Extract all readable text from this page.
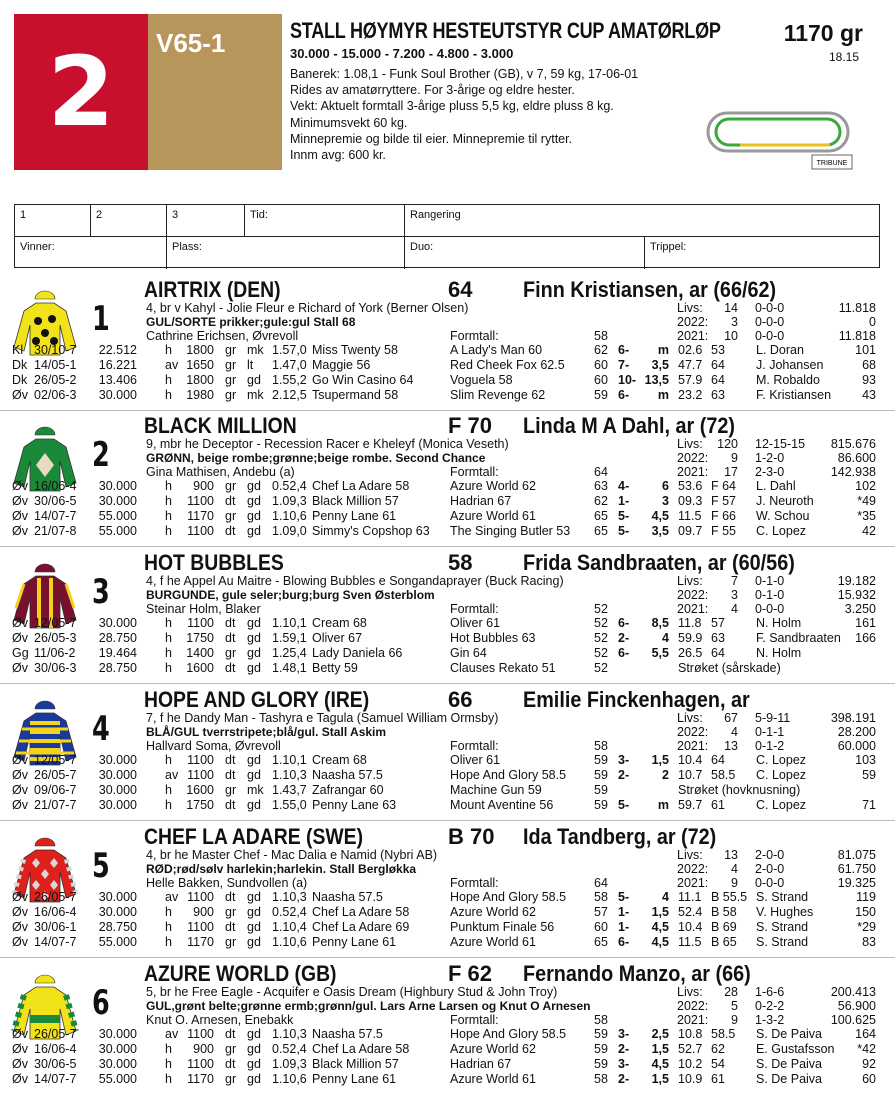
2	V65-1	STALL HØYMYR HESTEUTSTYR CUP AMATØRLØP	1170 gr
18.15
30.000 - 15.000 - 7.200 - 4.800 - 3.000
Banerek: 1.08,1 - Funk Soul Brother (GB), v 7, 59 kg, 17-06-01
Rides av amatørryttere. For 3-årige og eldre hester.
Vekt: Aktuelt formtall 3-årige pluss 5,5 kg, eldre pluss 8 kg.
Minimumsvekt 60 kg.
Minnepremie og bilde til eier. Minnepremie til rytter.
Innm avg: 600 kr.
TRIBUNE
1	2	3	Tid:	Rangering
Vinner:	Plass:	Duo:	Trippel:
1
AIRTRIX (DEN)	64 Finn Kristiansen, ar (66/62)
4, br v Kahyl - Jolie Fleur e Richard of York (Berner Olsen)
GUL/SORTE prikker;gule:gul Stall 68
Cathrine Erichsen, Øvrevoll	Formtall:	58
Livs:	14 0-0-0	11.818
2022:	3 0-0-0	0
2021:	10 0-0-0	11.818
Kl 30/10-7	22.512 h	1800 gr mk 1.57,0 Miss Twenty 58	A Lady's Man 60	62 6-	m 02.6 53 L. Doran	101
Dk 14/05-1	16.221 av 1650 gr lt 1.47,0 Maggie 56	Red Cheek Fox 62.5 60 7-	3,5 47.7 64 J. Johansen	68
Dk 26/05-2	13.406 h	1800 gr gd 1.55,2 Go Win Casino 64	Voguela 58	60 10- 13,5 57.9 64 M. Robaldo	93
Øv 02/06-3	30.000 h	1980 gr mk 2.12,5 Tsupermand 58	Slim Revenge 62	59 6-	m 23.2 63 F. Kristiansen 43
2
BLACK MILLION	F 70 Linda M A Dahl, ar (72)
9, mbr he Deceptor - Recession Racer e Kheleyf (Monica Veseth)
GRØNN, beige rombe;grønne;beige rombe. Second Chance
Gina Mathisen, Andebu (a)	Formtall:	64
Livs:	120 12-15-15	815.676
2022:	9 1-2-0	86.600
2021:	17 2-3-0	142.938
Øv 16/06-4	30.000 h	900 gr gd 0.52,4 Chef La Adare 58	Azure World 62	63 4-	6 53.6 F 64 L. Dahl	102
Øv 30/06-5	30.000 h	1100 dt gd 1.09,3 Black Million 57	Hadrian 67	62 1-	3 09.3 F 57 J. Neuroth	*49
Øv 14/07-7	55.000 h	1170 gr gd 1.10,6 Penny Lane 61	Azure World 61	65 5-	4,5 11.5 F 66 W. Schou	*35
Øv 21/07-8	55.000 h	1100 dt gd 1.09,0 Simmy's Copshop 63 The Singing Butler 53 65 5-	3,5 09.7 F 55 C. Lopez	42
3
HOT BUBBLES	58 Frida Sandbraaten, ar (60/56)
4, f he Appel Au Maitre - Blowing Bubbles e Songandaprayer (Buck Racing)
BURGUNDE, gule seler;burg;burg Sven Østerblom
Steinar Holm, Blaker	Formtall:	52
Livs:	7 0-1-0	19.182
2022:	3 0-1-0	15.932
2021:	4 0-0-0	3.250
Øv 12/05-7	30.000 h	1100 dt gd 1.10,1 Cream 68	Oliver 61	52 6-	8,5 11.8 57 N. Holm	161
Øv 26/05-3	28.750 h	1750 dt gd 1.59,1 Oliver 67	Hot Bubbles 63	52 2-	4 59.9 63 F. Sandbraaten 166
Gg 11/06-2	19.464 h	1400 gr gd 1.25,4 Lady Daniela 66	Gin 64	52 6-	5,5 26.5 64 N. Holm
Øv 30/06-3	28.750 h	1600 dt gd 1.48,1 Betty 59	Clauses Rekato 51	52	Strøket (sårskade)
4
HOPE AND GLORY (IRE)	66 Emilie Finckenhagen, ar
7, f he Dandy Man - Tashyra e Tagula (Samuel William Ormsby)
BLÅ/GUL tverrstripete;blå/gul. Stall Askim
Hallvard Soma, Øvrevoll	Formtall:	58
Livs:	67 5-9-11	398.191
2022:	4 0-1-1	28.200
2021:	13 0-1-2	60.000
Øv 12/05-7	30.000 h	1100 dt gd 1.10,1 Cream 68	Oliver 61	59 3-	1,5 10.4 64 C. Lopez	103
Øv 26/05-7	30.000 av 1100 dt gd 1.10,3 Naasha 57.5	Hope And Glory 58.5 59 2-	2 10.7 58.5 C. Lopez	59
Øv 09/06-7	30.000 h	1600 gr mk 1.43,7 Zafrangar 60	Machine Gun 59	59	Strøket (hovknusning)
Øv 21/07-7	30.000 h	1750 dt gd 1.55,0 Penny Lane 63	Mount Aventine 56	59 5-	m 59.7 61 C. Lopez	71
5
CHEF LA ADARE (SWE)	B 70 Ida Tandberg, ar (72)
4, br he Master Chef - Mac Dalia e Namid (Nybri AB)
RØD;rød/sølv harlekin;harlekin. Stall Bergløkka
Helle Bakken, Sundvollen (a)	Formtall:	64
Livs:	13 2-0-0	81.075
2022:	4 2-0-0	61.750
2021:	9 0-0-0	19.325
Øv 26/05-7	30.000 av 1100 dt gd 1.10,3 Naasha 57.5	Hope And Glory 58.5 58 5-	4 11.1 B 55.5 S. Strand	119
Øv 16/06-4	30.000 h	900 gr gd 0.52,4 Chef La Adare 58	Azure World 62	57 1-	1,5 52.4 B 58 V. Hughes	150
Øv 30/06-1	28.750 h	1100 dt gd 1.10,4 Chef La Adare 69	Punktum Finale 56	60 1-	4,5 10.4 B 69 S. Strand	*29
Øv 14/07-7	55.000 h	1170 gr gd 1.10,6 Penny Lane 61	Azure World 61	65 6-	4,5 11.5 B 65 S. Strand	83
6
AZURE WORLD (GB)	F 62 Fernando Manzo, ar (66)
5, br he Free Eagle - Acquifer e Oasis Dream (Highbury Stud & John Troy)
GUL,grønt belte;grønne ermb;grønn/gul. Lars Arne Larsen og Knut O Arnesen
Knut O. Arnesen, Enebakk	Formtall:	58
Livs:	28 1-6-6	200.413
2022:	5 0-2-2	56.900
2021:	9 1-3-2	100.625
Øv 26/05-7	30.000 av 1100 dt gd 1.10,3 Naasha 57.5	Hope And Glory 58.5 59 3-	2,5 10.8 58.5 S. De Paiva	164
Øv 16/06-4	30.000 h	900 gr gd 0.52,4 Chef La Adare 58	Azure World 62	59 2-	1,5 52.7 62 E. Gustafsson *42
Øv 30/06-5	30.000 h	1100 dt gd 1.09,3 Black Million 57	Hadrian 67	59 3-	4,5 10.2 54 S. De Paiva	92
Øv 14/07-7	55.000 h	1170 gr gd 1.10,6 Penny Lane 61	Azure World 61	58 2-	1,5 10.9 61 S. De Paiva	60
